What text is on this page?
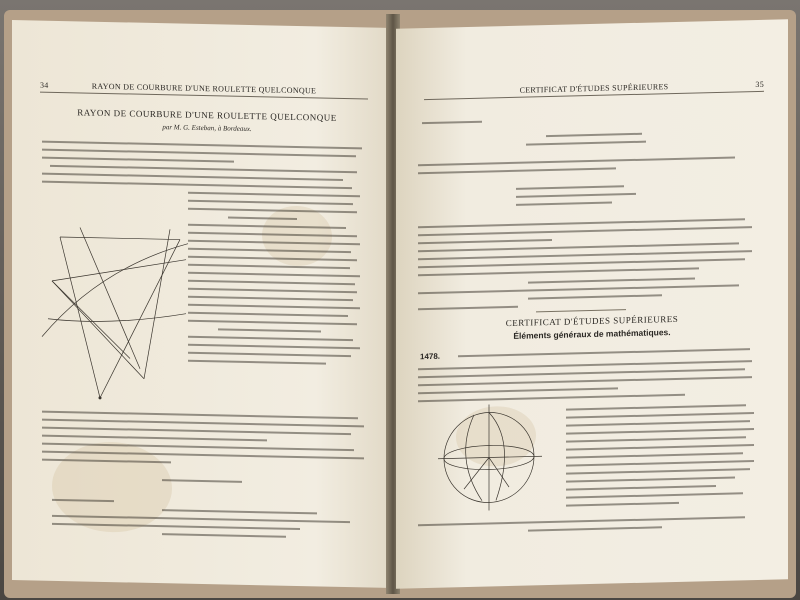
34	RAYON DE COURBURE D'UNE ROULETTE QUELCONQUE
RAYON DE COURBURE D'UNE ROULETTE QUELCONQUE
par M. G. Esteban, à Bordeaux.
CERTIFICAT D'ÉTUDES SUPÉRIEURES	35
CERTIFICAT D'ÉTUDES SUPÉRIEURES
Éléments généraux de mathématiques.
1478.
